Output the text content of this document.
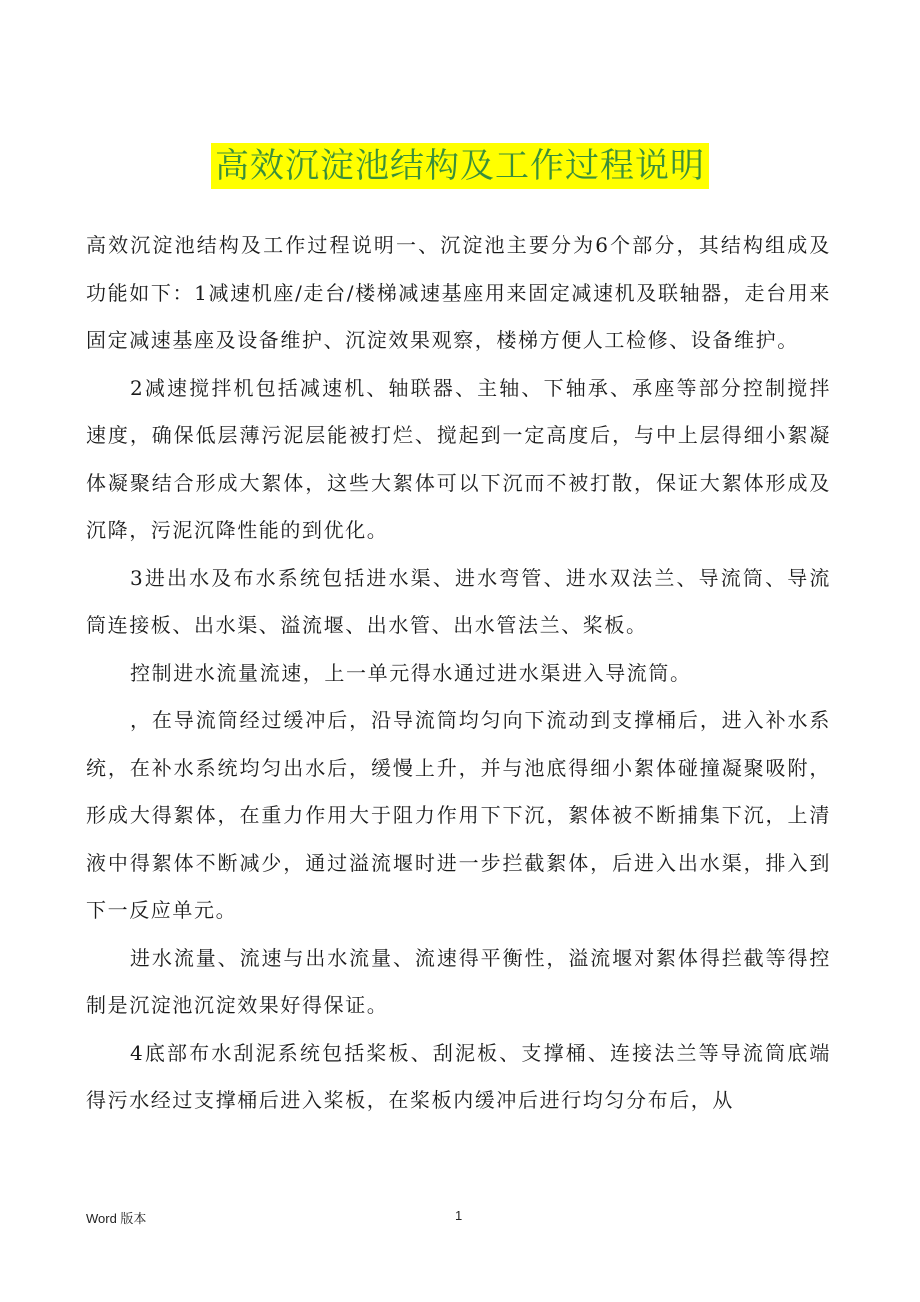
高效沉淀池结构及工作过程说明

高效沉淀池结构及工作过程说明一、沉淀池主要分为6个部分，其结构组成及功能如下：1减速机座/走台/楼梯减速基座用来固定减速机及联轴器，走台用来固定减速基座及设备维护、沉淀效果观察，楼梯方便人工检修、设备维护。

2减速搅拌机包括减速机、轴联器、主轴、下轴承、承座等部分控制搅拌速度，确保低层薄污泥层能被打烂、搅起到一定高度后，与中上层得细小絮凝体凝聚结合形成大絮体，这些大絮体可以下沉而不被打散，保证大絮体形成及沉降，污泥沉降性能的到优化。

3进出水及布水系统包括进水渠、进水弯管、进水双法兰、导流筒、导流筒连接板、出水渠、溢流堰、出水管、出水管法兰、桨板。

控制进水流量流速，上一单元得水通过进水渠进入导流筒。

，在导流筒经过缓冲后，沿导流筒均匀向下流动到支撑桶后，进入补水系统，在补水系统均匀出水后，缓慢上升，并与池底得细小絮体碰撞凝聚吸附，形成大得絮体，在重力作用大于阻力作用下下沉，絮体被不断捕集下沉，上清液中得絮体不断减少，通过溢流堰时进一步拦截絮体，后进入出水渠，排入到下一反应单元。

进水流量、流速与出水流量、流速得平衡性，溢流堰对絮体得拦截等得控制是沉淀池沉淀效果好得保证。

4底部布水刮泥系统包括桨板、刮泥板、支撑桶、连接法兰等导流筒底端得污水经过支撑桶后进入桨板，在桨板内缓冲后进行均匀分布后，从

Word 版本	1
